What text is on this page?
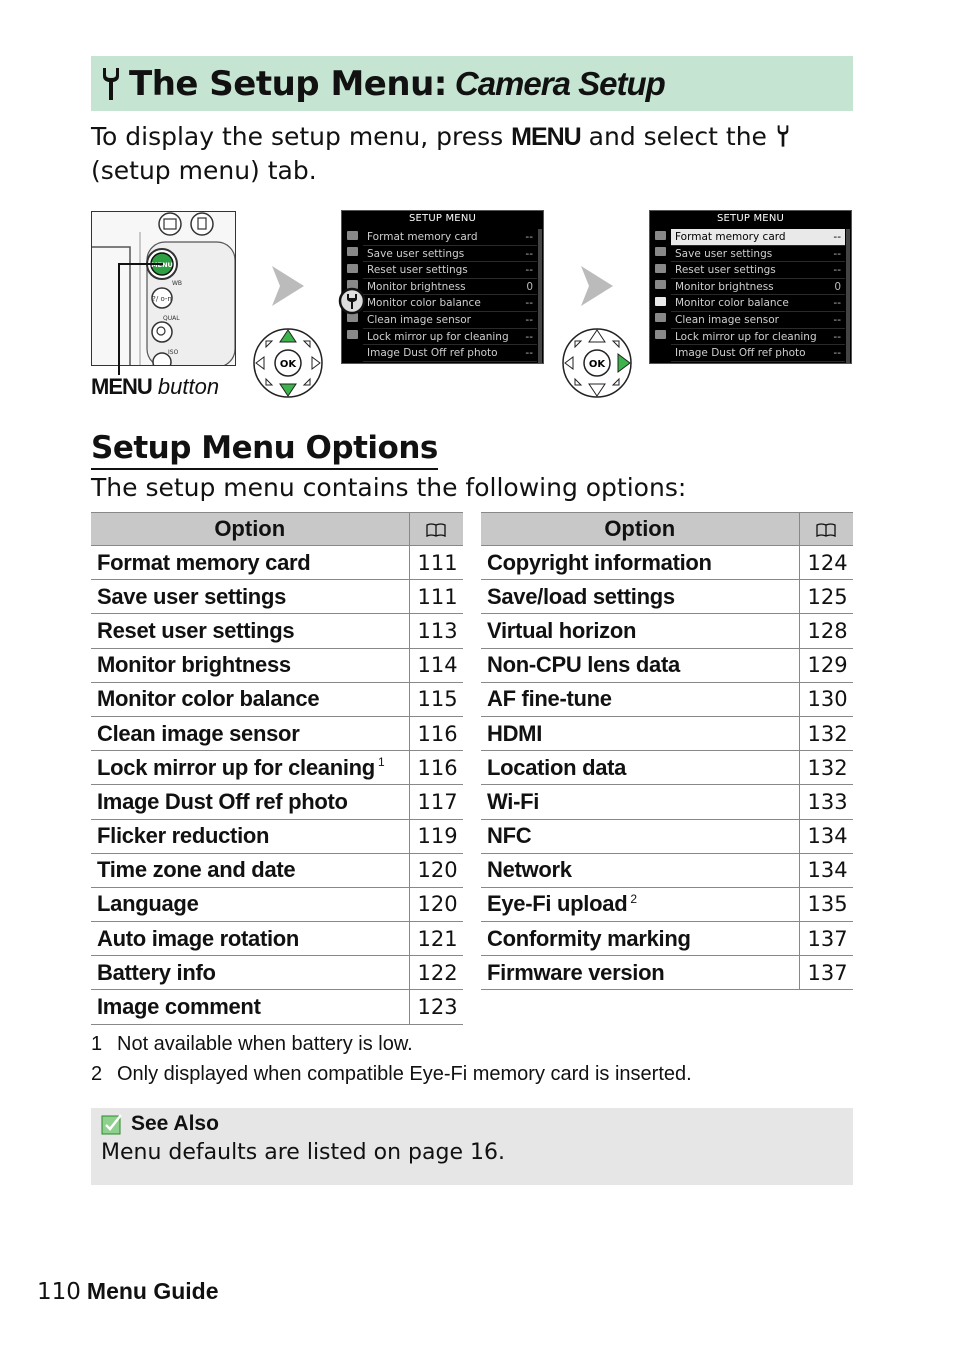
The Setup Menu: Camera Setup
To display the setup menu, press MENU and select the  (setup menu) tab.
MENU
WB
?/ o-n
QUAL
ISO
MENU button
OK	OK
SETUP MENU
Format memory card	--
Save user settings	--
Reset user settings	--
Monitor brightness	0
Monitor color balance	--
Clean image sensor	--
Lock mirror up for cleaning --
Image Dust Off ref photo	--
SETUP MENU
Format memory card	--
Save user settings	--
Reset user settings	--
Monitor brightness	0
Monitor color balance	--
Clean image sensor	--
Lock mirror up for cleaning --
Image Dust Off ref photo	--
Setup Menu Options
The setup menu contains the following options:
Option	
Format memory card	111
Save user settings	111
Reset user settings	113
Monitor brightness	114
Monitor color balance	115
Clean image sensor	116
Lock mirror up for cleaning $^1$	116
Image Dust Off ref photo	117
Flicker reduction	119
Time zone and date	120
Language	120
Auto image rotation	121
Battery info	122
Image comment	123
Option	
Copyright information	124
Save/load settings	125
Virtual horizon	128
Non-CPU lens data	129
AF fine-tune	130
HDMI	132
Location data	132
Wi-Fi	133
NFC	134
Network	134
Eye-Fi upload $^2$	135
Conformity marking	137
Firmware version	137
1 Not available when battery is low.
2 Only displayed when compatible Eye-Fi memory card is inserted.
See Also
Menu defaults are listed on page 16.
110 Menu Guide
